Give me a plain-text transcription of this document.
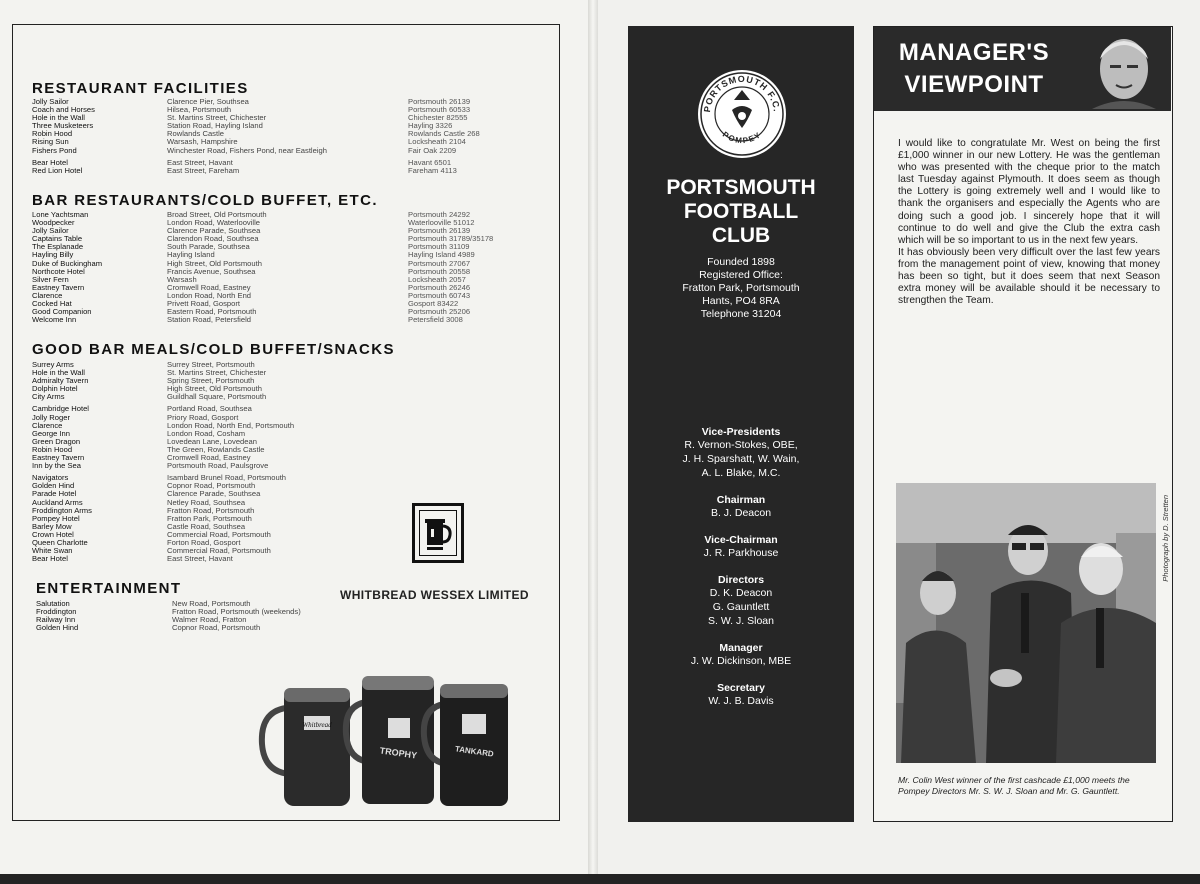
RESTAURANT FACILITIES
Jolly Sailor
Coach and Horses
Hole in the Wall
Three Musketeers
Robin Hood
Rising Sun
Fishers Pond
Bear Hotel
Red Lion Hotel
Clarence Pier, Southsea
Hilsea, Portsmouth
St. Martins Street, Chichester
Station Road, Hayling Island
Rowlands Castle
Warsash, Hampshire
Winchester Road, Fishers Pond, near Eastleigh
East Street, Havant
East Street, Fareham
Portsmouth 26139
Portsmouth 60533
Chichester 82555
Hayling 3326
Rowlands Castle 268
Locksheath 2104
Fair Oak 2209
Havant 6501
Fareham 4113
BAR RESTAURANTS/COLD BUFFET, ETC.
Lone Yachtsman
Woodpecker
Jolly Sailor
Captains Table
The Esplanade
Hayling Billy
Duke of Buckingham
Northcote Hotel
Silver Fern
Eastney Tavern
Clarence
Cocked Hat
Good Companion
Welcome Inn
Broad Street, Old Portsmouth
London Road, Waterlooville
Clarence Parade, Southsea
Clarendon Road, Southsea
South Parade, Southsea
Hayling Island
High Street, Old Portsmouth
Francis Avenue, Southsea
Warsash
Cromwell Road, Eastney
London Road, North End
Privett Road, Gosport
Eastern Road, Portsmouth
Station Road, Petersfield
Portsmouth 24292
Waterlooville 51012
Portsmouth 26139
Portsmouth 31789/35178
Portsmouth 31109
Hayling Island 4989
Portsmouth 27067
Portsmouth 20558
Locksheath 2057
Portsmouth 26246
Portsmouth 60743
Gosport 83422
Portsmouth 25206
Petersfield 3008
GOOD BAR MEALS/COLD BUFFET/SNACKS
Surrey Arms
Hole in the Wall
Admiralty Tavern
Dolphin Hotel
City Arms
Cambridge Hotel
Jolly Roger
Clarence
George Inn
Green Dragon
Robin Hood
Eastney Tavern
Inn by the Sea
Navigators
Golden Hind
Parade Hotel
Auckland Arms
Froddington Arms
Pompey Hotel
Barley Mow
Crown Hotel
Queen Charlotte
White Swan
Bear Hotel
Surrey Street, Portsmouth
St. Martins Street, Chichester
Spring Street, Portsmouth
High Street, Old Portsmouth
Guildhall Square, Portsmouth
Portland Road, Southsea
Priory Road, Gosport
London Road, North End, Portsmouth
London Road, Cosham
Lovedean Lane, Lovedean
The Green, Rowlands Castle
Cromwell Road, Eastney
Portsmouth Road, Paulsgrove
Isambard Brunel Road, Portsmouth
Copnor Road, Portsmouth
Clarence Parade, Southsea
Netley Road, Southsea
Fratton Road, Portsmouth
Fratton Park, Portsmouth
Castle Road, Southsea
Commercial Road, Portsmouth
Forton Road, Gosport
Commercial Road, Portsmouth
East Street, Havant
WHITBREAD WESSEX LIMITED
ENTERTAINMENT
Salutation
Froddington
Railway Inn
Golden Hind
New Road, Portsmouth
Fratton Road, Portsmouth (weekends)
Walmer Road, Fratton
Copnor Road, Portsmouth
Whitbread
TROPHY	TANKARD
PORTSMOUTH F.C.
POMPEY
PORTSMOUTH
FOOTBALL
CLUB
Founded 1898
Registered Office:
Fratton Park, Portsmouth
Hants, PO4 8RA
Telephone 31204
Vice-Presidents
R. Vernon-Stokes, OBE,
J. H. Sparshatt, W. Wain,
A. L. Blake, M.C.
Chairman
B. J. Deacon
Vice-Chairman
J. R. Parkhouse
Directors
D. K. Deacon
G. Gauntlett
S. W. J. Sloan
Manager
J. W. Dickinson, MBE
Secretary
W. J. B. Davis
MANAGER'S
VIEWPOINT

I would like to congratulate Mr. West on being the first £1,000 winner in our new Lottery. He was the gentleman who was presented with the cheque prior to the match last Tuesday against Plymouth. It does seem as though the Lottery is going extremely well and I would like to thank the organisers and especially the Agents who are doing such a good job. I sincerely hope that it will continue to do well and give the Club the extra cash which will be so important to us in the next few years.

It has obviously been very difficult over the last few years from the management point of view, knowing that money has been so tight, but it does seem that next Season extra money will be available should it be necessary to strengthen the Team.

Photograph by D. Stretten
Mr. Colin West winner of the first cashcade £1,000 meets the Pompey Directors Mr. S. W. J. Sloan and Mr. G. Gauntlett.
